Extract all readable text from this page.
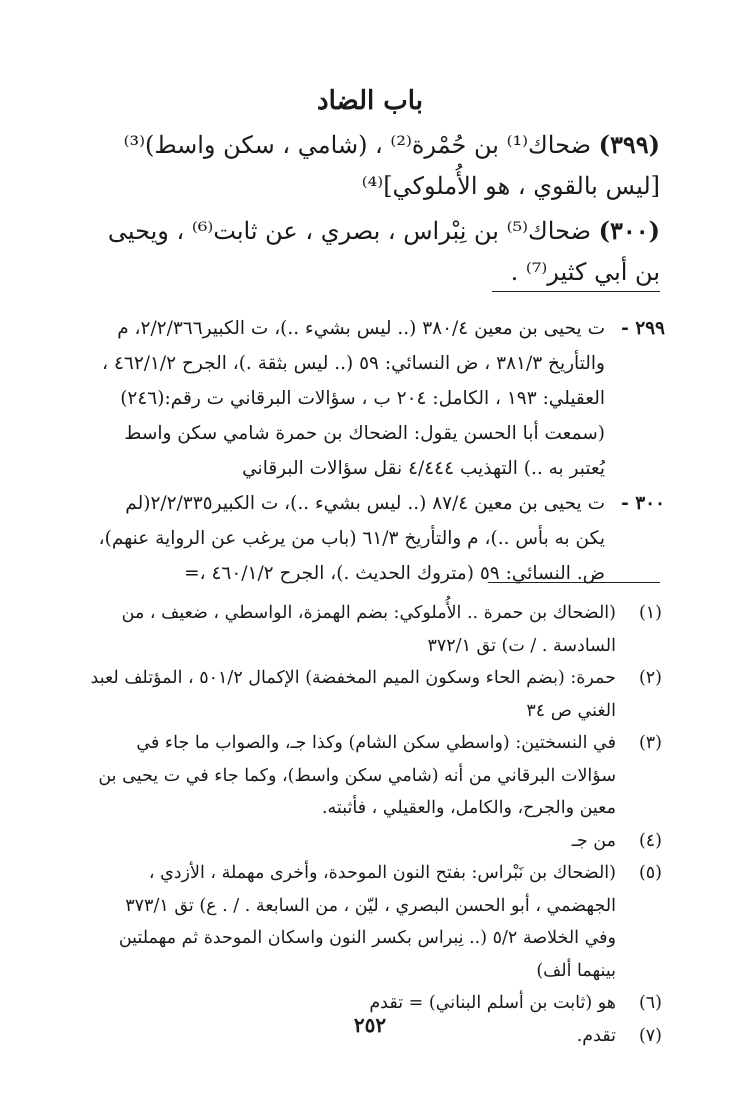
باب الضاد
(٣٩٩) ضحاك⁽¹⁾ بن حُمْرة⁽²⁾ ، (شامي ، سكن واسط)⁽³⁾ [ليس بالقوي ، هو الأُملوكي]⁽⁴⁾
(٣٠٠) ضحاك⁽⁵⁾ بن نِبْراس ، بصري ، عن ثابت⁽⁶⁾ ، ويحيى بن أبي كثير⁽⁷⁾ .
٢٩٩ -
ت يحيى بن معين ٣٨٠/٤ (.. ليس بشيء ..)، ت الكبير٢/٢/٣٦٦، م والتأريخ ٣٨١/٣ ، ض النسائي: ٥٩ (.. ليس بثقة .)، الجرح ٤٦٢/١/٢ ، العقيلي: ١٩٣ ، الكامل: ٢٠٤ ب ، سؤالات البرقاني ت رقم:(٢٤٦)(سمعت أبا الحسن يقول: الضحاك بن حمرة شامي سكن واسط يُعتبر به ..) التهذيب ٤/٤٤٤ نقل سؤالات البرقاني
٣٠٠ -
ت يحيى بن معين ٨٧/٤ (.. ليس بشيء ..)، ت الكبير٢/٢/٣٣٥(لم يكن به بأس ..)، م والتأريخ ٦١/٣ (باب من يرغب عن الرواية عنهم)، ض. النسائي: ٥٩ (متروك الحديث .)، الجرح ٤٦٠/١/٢ ،=
(١)
(الضحاك بن حمرة .. الأُملوكي: بضم الهمزة، الواسطي ، ضعيف ، من السادسة . / ت) تق ٣٧٢/١
(٢)
حمرة: (بضم الحاء وسكون الميم المخفضة) الإكمال ٥٠١/٢ ، المؤتلف لعبد الغني ص ٣٤
(٣)
في النسختين: (واسطي سكن الشام) وكذا جـ، والصواب ما جاء في سؤالات البرقاني من أنه (شامي سكن واسط)، وكما جاء في ت يحيى بن معين والجرح، والكامل، والعقيلي ، فأثبته.
(٤)
من جـ
(٥)
(الضحاك بن نَبْراس: بفتح النون الموحدة، وأخرى مهملة ، الأزدي ، الجهضمي ، أبو الحسن البصري ، ليّن ، من السابعة . / . ع) تق ٣٧٣/١ وفي الخلاصة ٥/٢ (.. نِبراس بكسر النون واسكان الموحدة ثم مهملتين بينهما ألف)
(٦)
هو (ثابت بن أسلم البناني) = تقدم
(٧)
تقدم.
٢٥٢
